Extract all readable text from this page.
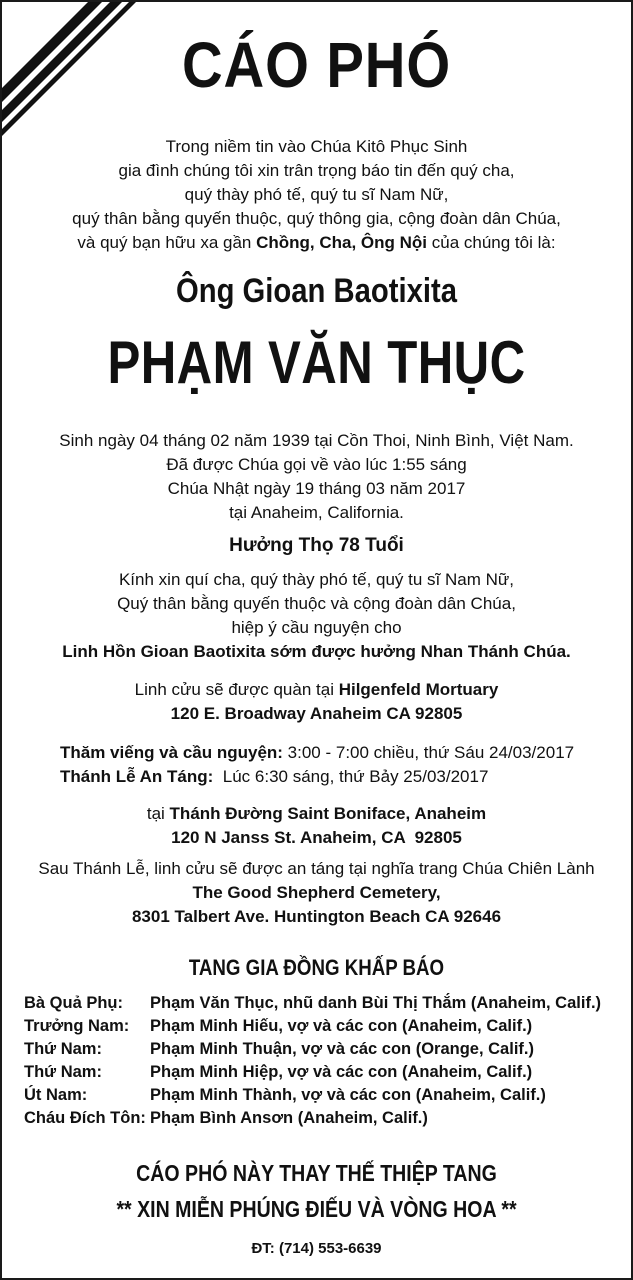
CÁO PHÓ
Trong niềm tin vào Chúa Kitô Phục Sinh
gia đình chúng tôi xin trân trọng báo tin đến quý cha,
quý thày phó tế, quý tu sĩ Nam Nữ,
quý thân bằng quyến thuộc, quý thông gia, cộng đoàn dân Chúa,
và quý bạn hữu xa gần Chồng, Cha, Ông Nội của chúng tôi là:
Ông Gioan Baotixita
PHẠM VĂN THỤC
Sinh ngày 04 tháng 02 năm 1939 tại Cồn Thoi, Ninh Bình, Việt Nam.
Đã được Chúa gọi về vào lúc 1:55 sáng
Chúa Nhật ngày 19 tháng 03 năm 2017
tại Anaheim, California.
Hưởng Thọ 78 Tuổi
Kính xin quí cha, quý thày phó tế, quý tu sĩ Nam Nữ,
Quý thân bằng quyến thuộc và cộng đoàn dân Chúa,
hiệp ý cầu nguyện cho
Linh Hồn Gioan Baotixita sớm được hưởng Nhan Thánh Chúa.
Linh cửu sẽ được quàn tại Hilgenfeld Mortuary
120 E. Broadway Anaheim CA 92805
Thăm viếng và cầu nguyện: 3:00 - 7:00 chiều, thứ Sáu 24/03/2017
Thánh Lễ An Táng:  Lúc 6:30 sáng, thứ Bảy 25/03/2017
tại Thánh Đường Saint Boniface, Anaheim
120 N Janss St. Anaheim, CA  92805
Sau Thánh Lễ, linh cửu sẽ được an táng tại nghĩa trang Chúa Chiên Lành
The Good Shepherd Cemetery,
8301 Talbert Ave. Huntington Beach CA 92646
TANG GIA ĐỒNG KHẤP BÁO
Bà Quả Phụ:	Phạm Văn Thục, nhũ danh Bùi Thị Thắm (Anaheim, Calif.)
Trưởng Nam:	Phạm Minh Hiếu, vợ và các con (Anaheim, Calif.)
Thứ Nam:	Phạm Minh Thuận, vợ và các con (Orange, Calif.)
Thứ Nam:	Phạm Minh Hiệp, vợ và các con (Anaheim, Calif.)
Út Nam:	Phạm Minh Thành, vợ và các con (Anaheim, Calif.)
Cháu Đích Tôn:	Phạm Bình Ansơn (Anaheim, Calif.)
CÁO PHÓ NÀY THAY THẾ THIỆP TANG
** XIN MIỄN PHÚNG ĐIẾU VÀ VÒNG HOA **
ĐT: (714) 553-6639
